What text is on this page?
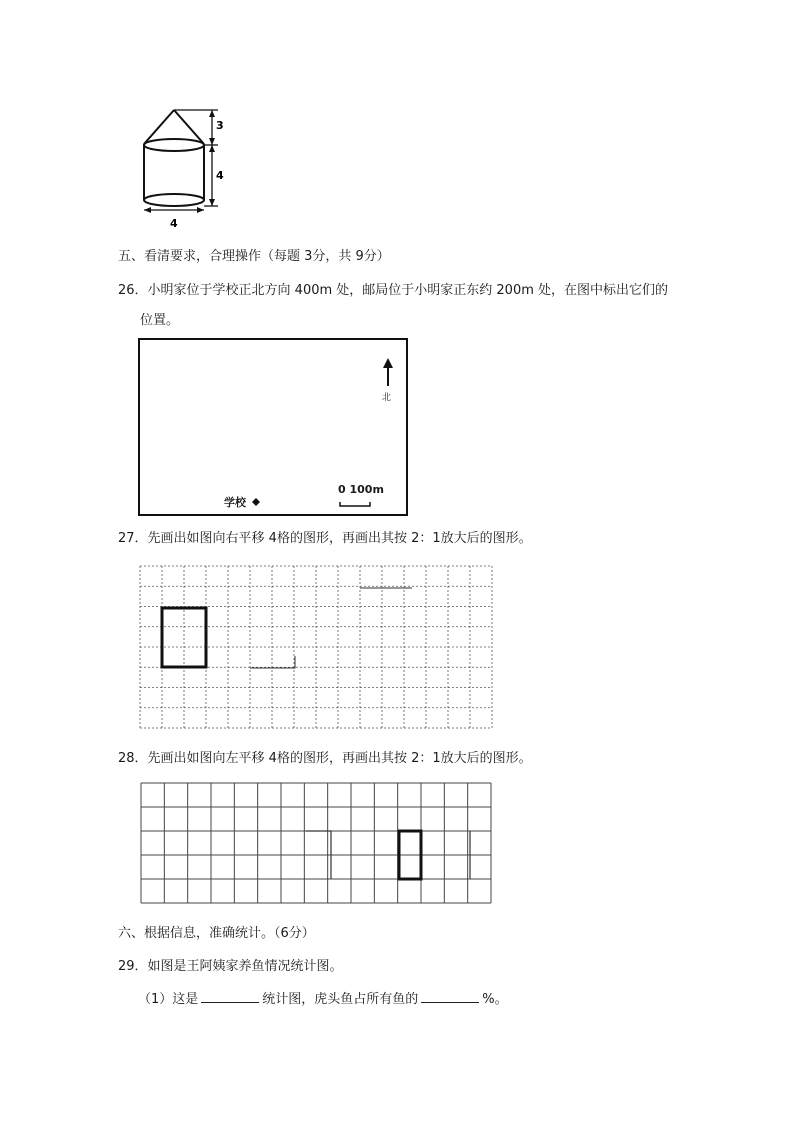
3
4
4
五、看清要求，合理操作（每题 3分，共 9分）
26．小明家位于学校正北方向 400m 处，邮局位于小明家正东约 200m 处，在图中标出它们的
位置。
北
0 100m
学校
27．先画出如图向右平移 4格的图形，再画出其按 2：1放大后的图形。
28．先画出如图向左平移 4格的图形，再画出其按 2：1放大后的图形。
六、根据信息，准确统计。（6分）
29．如图是王阿姨家养鱼情况统计图。
（1）这是	统计图，虎头鱼占所有鱼的	%。
